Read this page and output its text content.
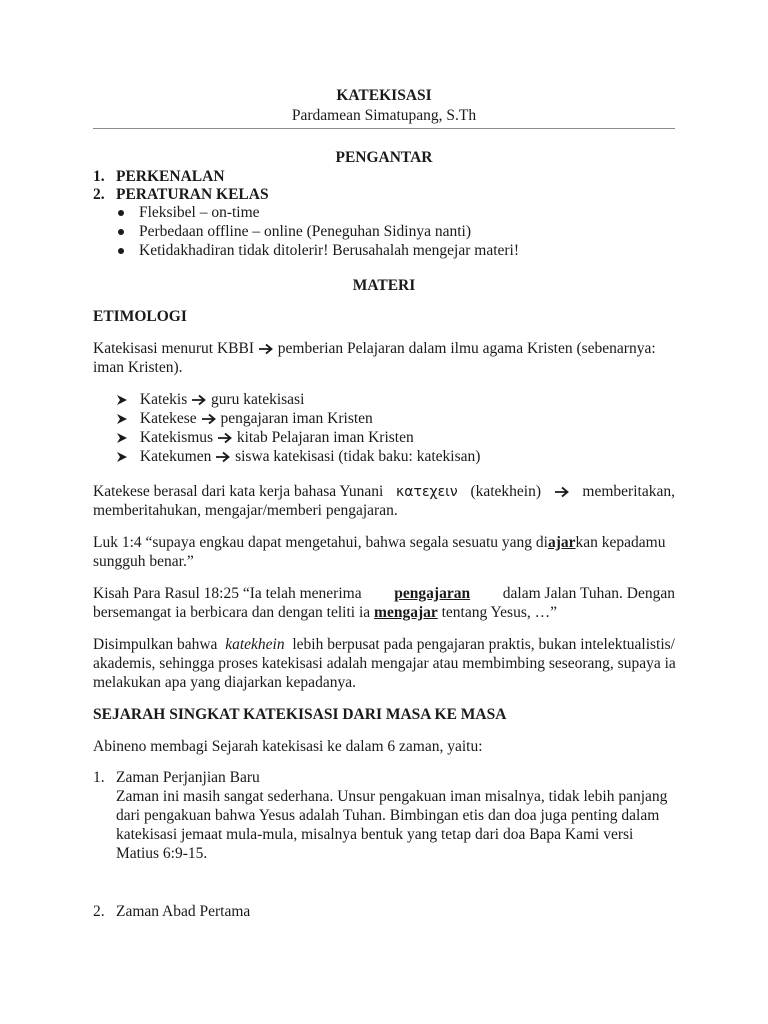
KATEKISASI
Pardamean Simatupang, S.Th
PENGANTAR
1. PERKENALAN
2. PERATURAN KELAS
Fleksibel – on-time
Perbedaan offline – online (Peneguhan Sidinya nanti)
Ketidakhadiran tidak ditolerir! Berusahalah mengejar materi!
MATERI
ETIMOLOGI
Katekisasi menurut KBBI pemberian Pelajaran dalam ilmu agama Kristen (sebenarnya:
iman Kristen).
Katekis guru katekisasi
Katekese pengajaran iman Kristen
Katekismus kitab Pelajaran iman Kristen
Katekumen siswa katekisasi (tidak baku: katekisan)
Katekese berasal dari kata kerja bahasa Yunani κατεχειν (katekhein)	memberitakan,
memberitahukan, mengajar/memberi pengajaran.
Luk 1:4 “supaya engkau dapat mengetahui, bahwa segala sesuatu yang diajarkan kepadamu
sungguh benar.”
Kisah Para Rasul 18:25 “Ia telah menerima pengajaran dalam Jalan Tuhan. Dengan
bersemangat ia berbicara dan dengan teliti ia mengajar tentang Yesus, …”
Disimpulkan bahwa katekhein lebih berpusat pada pengajaran praktis, bukan intelektualistis/
akademis, sehingga proses katekisasi adalah mengajar atau membimbing seseorang, supaya ia
melakukan apa yang diajarkan kepadanya.
SEJARAH SINGKAT KATEKISASI DARI MASA KE MASA
Abineno membagi Sejarah katekisasi ke dalam 6 zaman, yaitu:
1. Zaman Perjanjian Baru
Zaman ini masih sangat sederhana. Unsur pengakuan iman misalnya, tidak lebih panjang
dari pengakuan bahwa Yesus adalah Tuhan. Bimbingan etis dan doa juga penting dalam
katekisasi jemaat mula-mula, misalnya bentuk yang tetap dari doa Bapa Kami versi
Matius 6:9-15.
2. Zaman Abad Pertama
